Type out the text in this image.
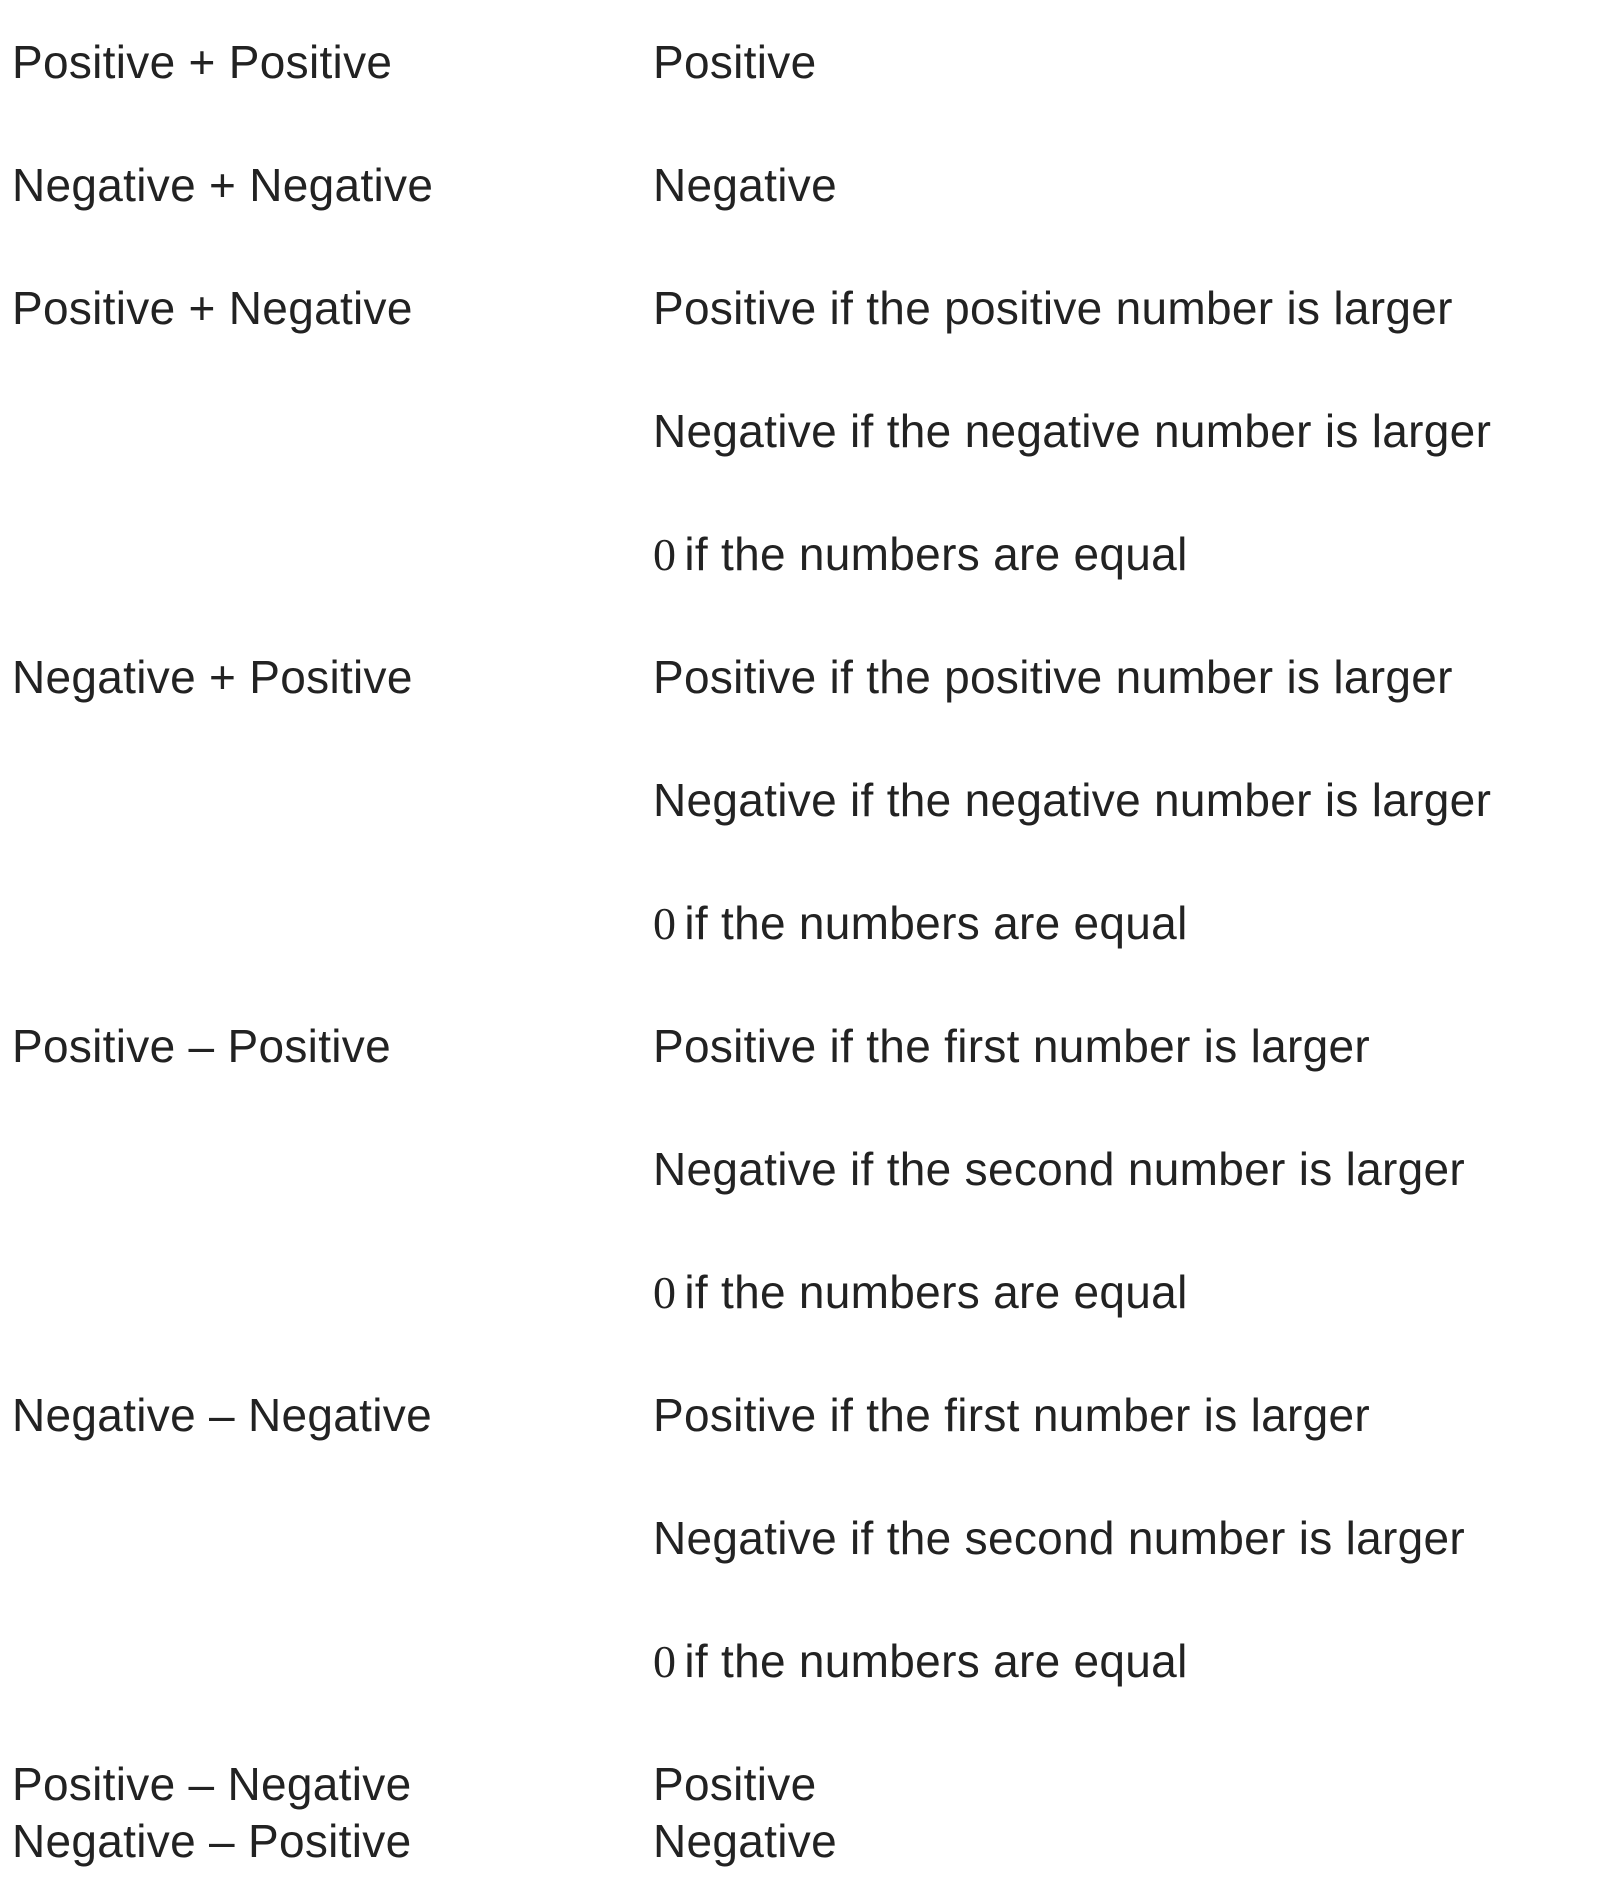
Positive + Positive	Positive
Negative + Negative	Negative
Positive + Negative	Positive if the positive number is larger
Negative if the negative number is larger
0 if the numbers are equal
Negative + Positive	Positive if the positive number is larger
Negative if the negative number is larger
0 if the numbers are equal
Positive – Positive	Positive if the first number is larger
Negative if the second number is larger
0 if the numbers are equal
Negative – Negative	Positive if the first number is larger
Negative if the second number is larger
0 if the numbers are equal
Positive – Negative	Positive
Negative – Positive	Negative
